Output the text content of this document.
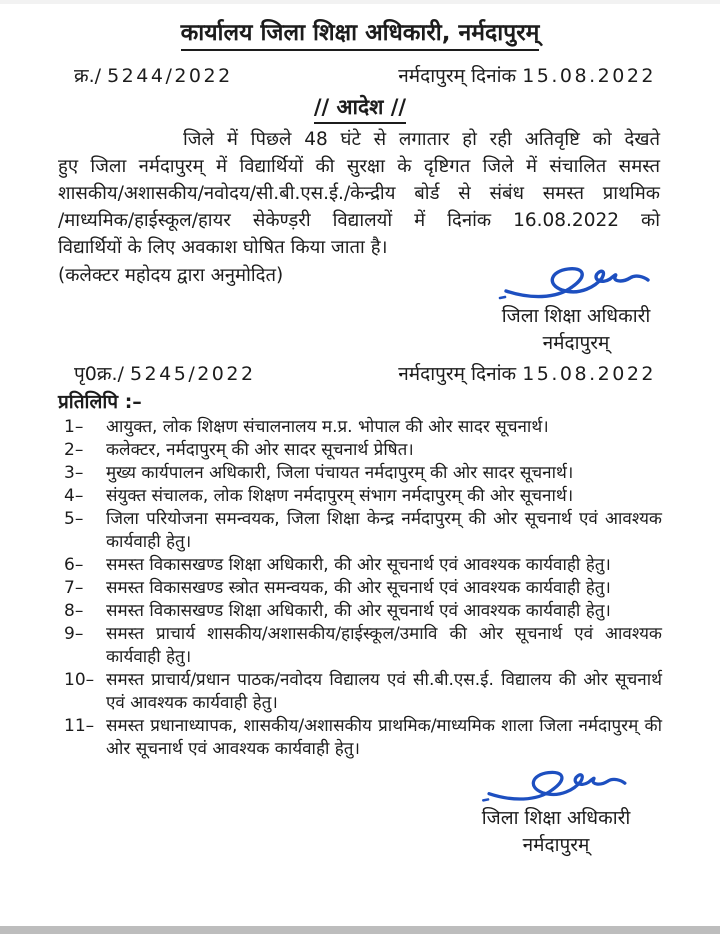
कार्यालय जिला शिक्षा अधिकारी, नर्मदापुरम्
क्र./ 5244/2022	नर्मदापुरम् दिनांक 15.08.2022
// आदेश //
जिले में पिछले 48 घंटे से लगातार हो रही अतिवृष्टि को देखते
हुए जिला नर्मदापुरम् में विद्यार्थियों की सुरक्षा के दृष्टिगत जिले में संचालित समस्त
शासकीय/अशासकीय/नवोदय/सी.बी.एस.ई./केन्द्रीय बोर्ड से संबंध समस्त प्राथमिक
/माध्यमिक/हाईस्कूल/हायर सेकेण्ड़री विद्यालयों में दिनांक 16.08.2022 को
विद्यार्थियों के लिए अवकाश घोषित किया जाता है।
(कलेक्टर महोदय द्वारा अनुमोदित)
जिला शिक्षा अधिकारी
नर्मदापुरम्
पृ0क्र./ 5245/2022	नर्मदापुरम् दिनांक 15.08.2022
प्रतिलिपि :–
1–	आयुक्त, लोक शिक्षण संचालनालय म.प्र. भोपाल की ओर सादर सूचनार्थ।
2–	कलेक्टर, नर्मदापुरम् की ओर सादर सूचनार्थ प्रेषित।
3–	मुख्य कार्यपालन अधिकारी, जिला पंचायत नर्मदापुरम् की ओर सादर सूचनार्थ।
4–	संयुक्त संचालक, लोक शिक्षण नर्मदापुरम् संभाग नर्मदापुरम् की ओर सूचनार्थ।
5–	जिला परियोजना समन्वयक, जिला शिक्षा केन्द्र नर्मदापुरम् की ओर सूचनार्थ एवं आवश्यक कार्यवाही हेतु।
6–	समस्त विकासखण्ड शिक्षा अधिकारी, की ओर सूचनार्थ एवं आवश्यक कार्यवाही हेतु।
7–	समस्त विकासखण्ड स्त्रोत समन्वयक, की ओर सूचनार्थ एवं आवश्यक कार्यवाही हेतु।
8–	समस्त विकासखण्ड शिक्षा अधिकारी, की ओर सूचनार्थ एवं आवश्यक कार्यवाही हेतु।
9–	समस्त प्राचार्य शासकीय/अशासकीय/हाईस्कूल/उमावि की ओर सूचनार्थ एवं आवश्यक कार्यवाही हेतु।
10– समस्त प्राचार्य/प्रधान पाठक/नवोदय विद्यालय एवं सी.बी.एस.ई. विद्यालय की ओर सूचनार्थ एवं आवश्यक कार्यवाही हेतु।
11– समस्त प्रधानाध्यापक, शासकीय/अशासकीय प्राथमिक/माध्यमिक शाला जिला नर्मदापुरम् की ओर सूचनार्थ एवं आवश्यक कार्यवाही हेतु।
जिला शिक्षा अधिकारी
नर्मदापुरम्
